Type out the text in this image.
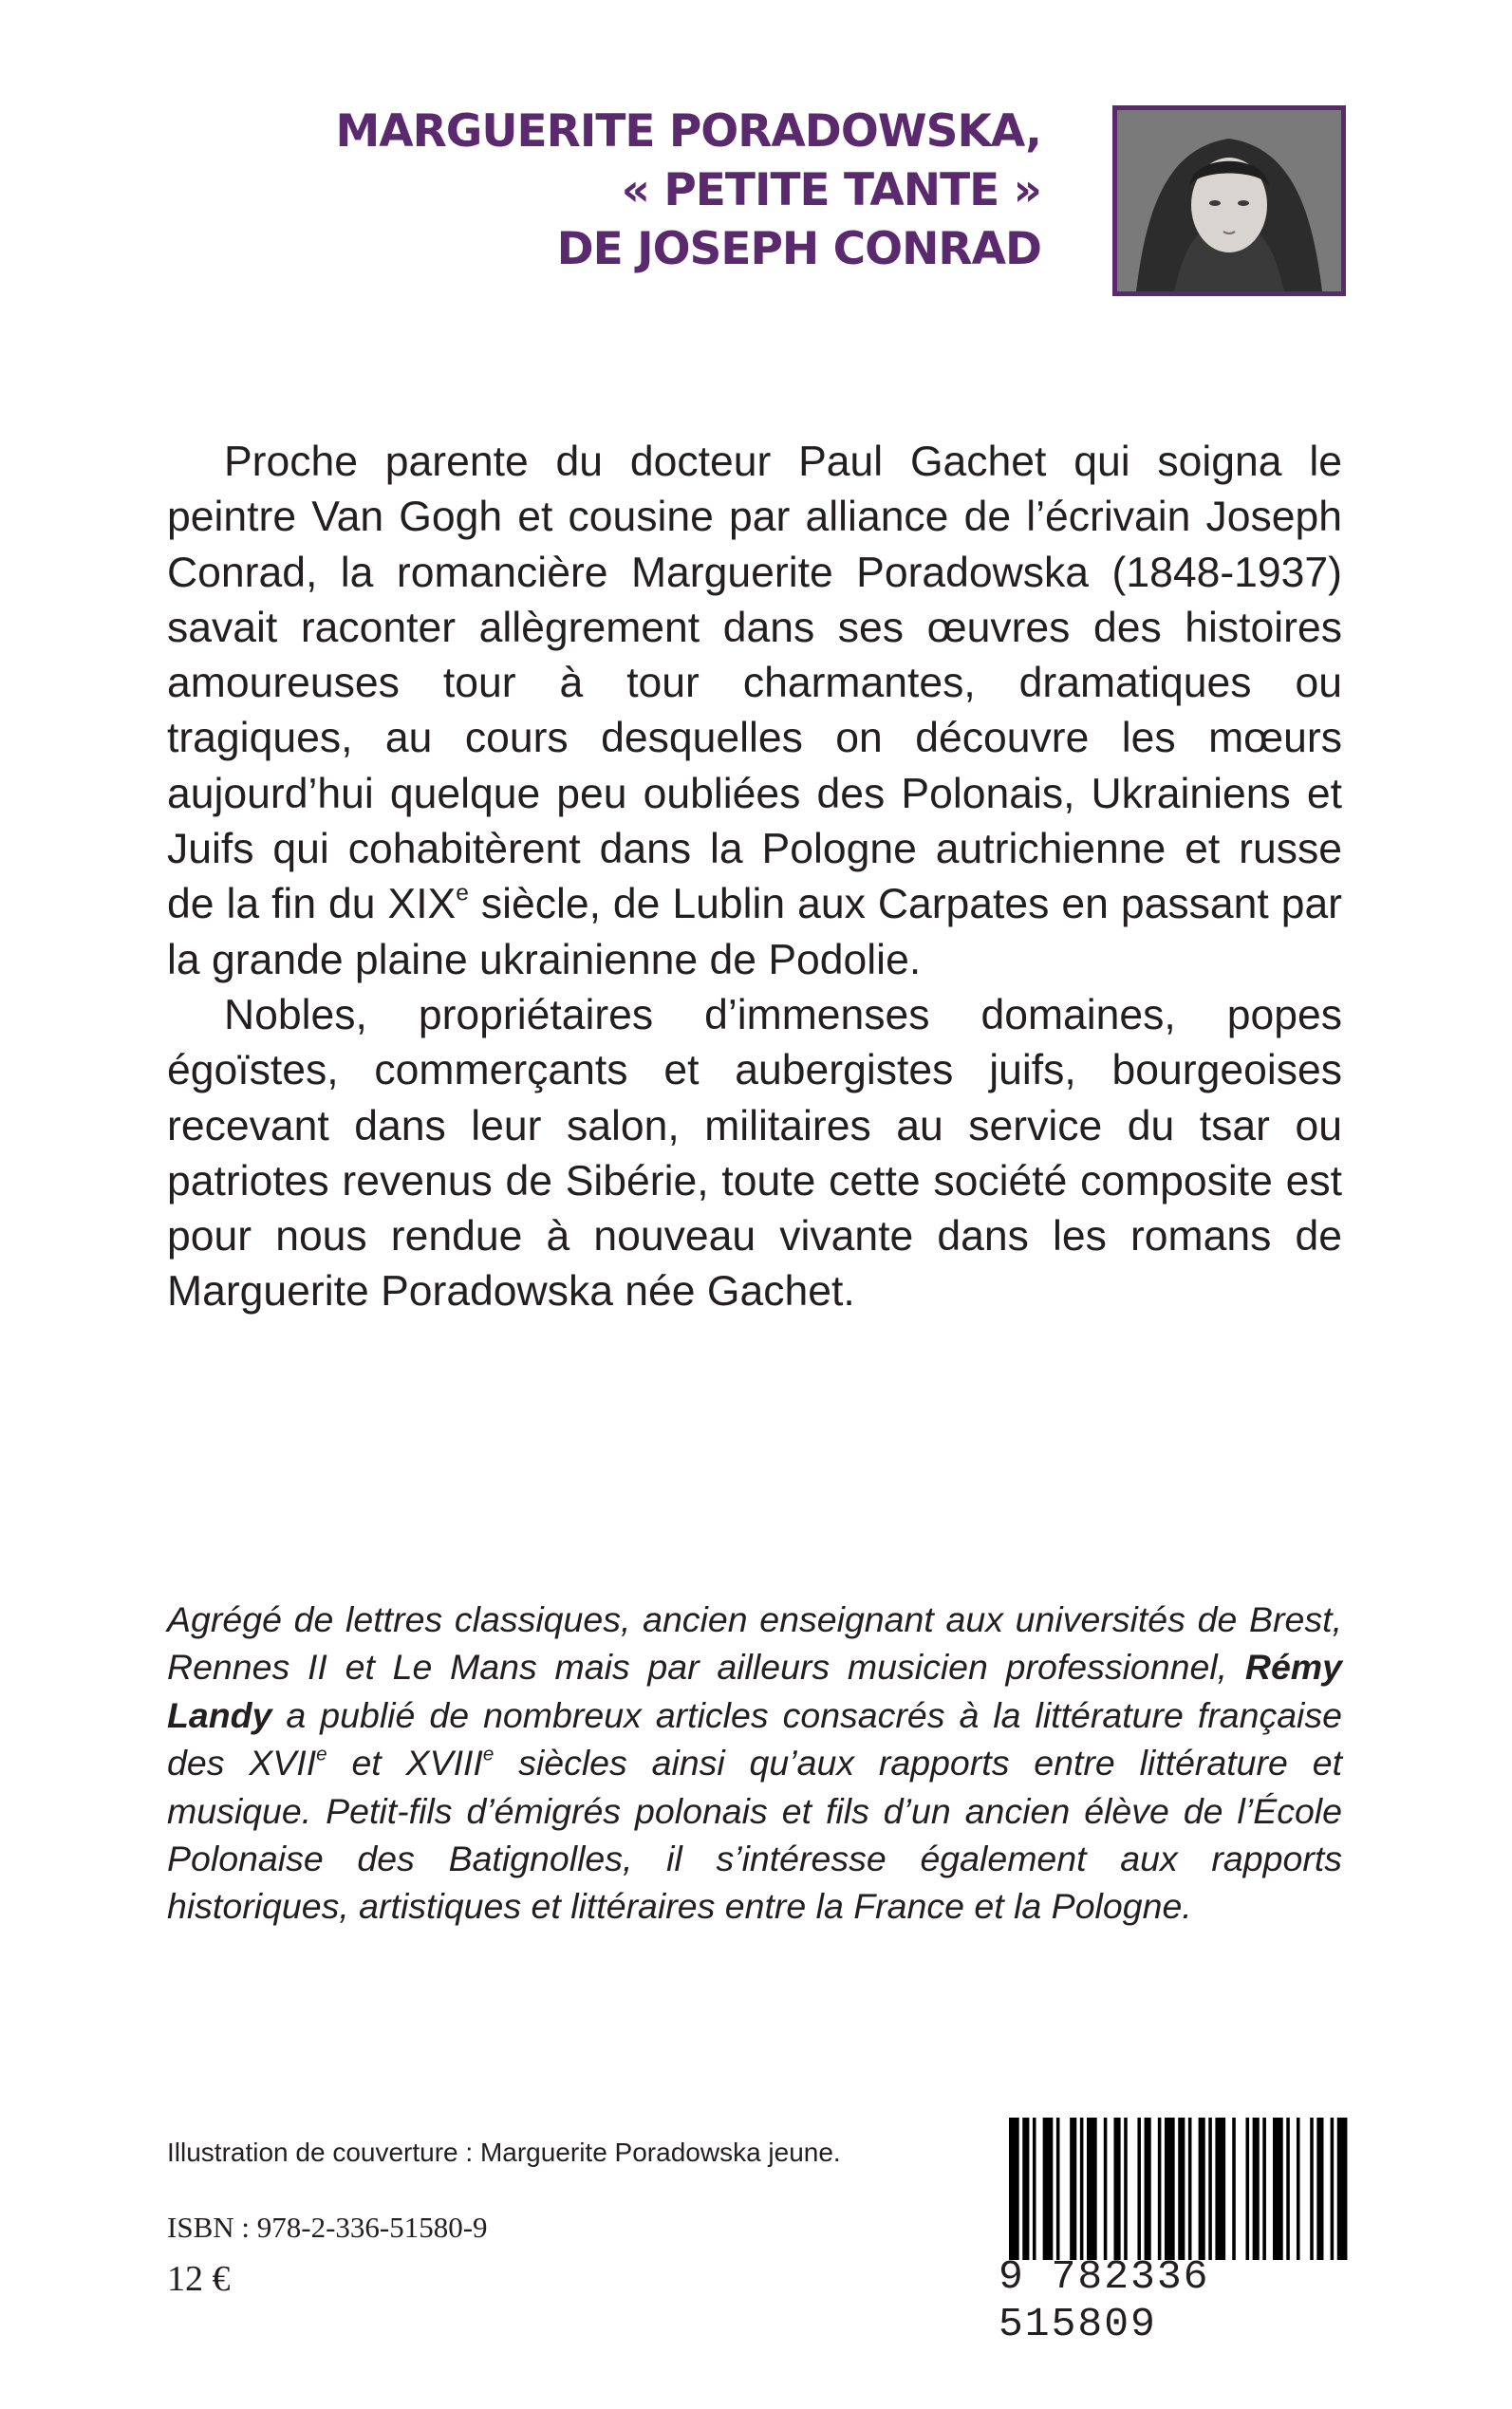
MARGUERITE PORADOWSKA,
« PETITE TANTE »
DE JOSEPH CONRAD

Proche parente du docteur Paul Gachet qui soigna le peintre Van Gogh et cousine par alliance de l’écrivain Joseph Conrad, la romancière Marguerite Poradowska (1848-1937) savait raconter allègrement dans ses œuvres des histoires amoureuses tour à tour charmantes, dramatiques ou tragiques, au cours desquelles on découvre les mœurs aujourd’hui quelque peu oubliées des Polonais, Ukrainiens et Juifs qui cohabitèrent dans la Pologne autrichienne et russe de la fin du XIXe siècle, de Lublin aux Carpates en passant par la grande plaine ukrainienne de Podolie.

Nobles, propriétaires d’immenses domaines, popes égoïstes, commerçants et aubergistes juifs, bourgeoises recevant dans leur salon, militaires au service du tsar ou patriotes revenus de Sibérie, toute cette société composite est pour nous rendue à nouveau vivante dans les romans de Marguerite Poradowska née Gachet.

Agrégé de lettres classiques, ancien enseignant aux universités de Brest, Rennes II et Le Mans mais par ailleurs musicien professionnel, Rémy Landy a publié de nombreux articles consacrés à la littérature française des XVIIe et XVIIIe siècles ainsi qu’aux rapports entre littérature et musique. Petit-fils d’émigrés polonais et fils d’un ancien élève de l’École Polonaise des Batignolles, il s’intéresse également aux rapports historiques, artistiques et littéraires entre la France et la Pologne.

Illustration de couverture : Marguerite Poradowska jeune.
ISBN : 978-2-336-51580-9
12 €	9 782336 515809
